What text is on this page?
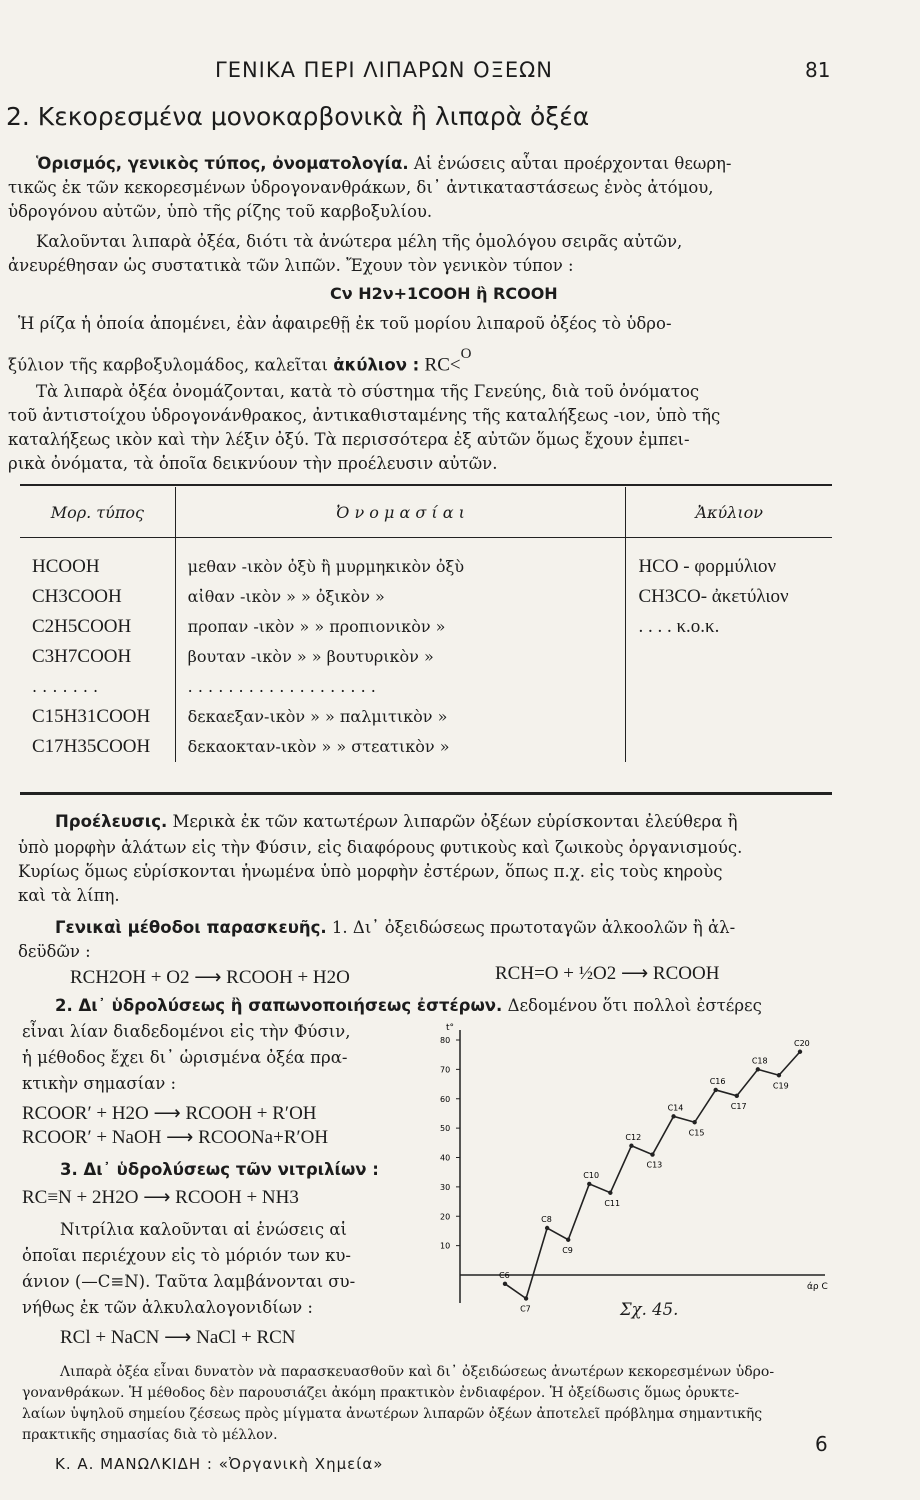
ΓΕΝΙΚΑ ΠΕΡΙ ΛΙΠΑΡΩΝ ΟΞΕΩΝ	81
2. Κεκορεσμένα μονοκαρβονικὰ ἢ λιπαρὰ ὀξέα
Ὁρισμός, γενικὸς τύπος, ὀνοματολογία. Αἱ ἑνώσεις αὗται προέρχονται θεωρη-
τικῶς ἐκ τῶν κεκορεσμένων ὑδρογονανθράκων, δι᾽ ἀντικαταστάσεως ἑνὸς ἀτόμου,
ὑδρογόνου αὐτῶν, ὑπὸ τῆς ρίζης τοῦ καρβοξυλίου.
Καλοῦνται λιπαρὰ ὀξέα, διότι τὰ ἀνώτερα μέλη τῆς ὁμολόγου σειρᾶς αὐτῶν,
ἀνευρέθησαν ὡς συστατικὰ τῶν λιπῶν. Ἔχουν τὸν γενικὸν τύπον :
Cν H2ν+1COOH ἢ RCOOH
Ἡ ρίζα ἡ ὁποία ἀπομένει, ἐὰν ἀφαιρεθῇ ἐκ τοῦ μορίου λιπαροῦ ὀξέος τὸ ὑδρο-
ξύλιον τῆς καρβοξυλομάδος, καλεῖται ἀκύλιον : RC<$^O$
Τὰ λιπαρὰ ὀξέα ὀνομάζονται, κατὰ τὸ σύστημα τῆς Γενεύης, διὰ τοῦ ὀνόματος
τοῦ ἀντιστοίχου ὑδρογονάνθρακος, ἀντικαθισταμένης τῆς καταλήξεως -ιον, ὑπὸ τῆς
καταλήξεως ικὸν καὶ τὴν λέξιν ὀξύ. Τὰ περισσότερα ἐξ αὐτῶν ὅμως ἔχουν ἐμπει-
ρικὰ ὀνόματα, τὰ ὁποῖα δεικνύουν τὴν προέλευσιν αὐτῶν.
Μορ. τύπος	Ὀ ν ο μ α σ ί α ι	Ἀκύλιον

HCOOH	μεθαν -ικὸν ὀξὺ ἢ μυρμηκικὸν ὀξὺ	HCO - φορμύλιον
CH3COOH	αἰθαν -ικὸν » » ὀξικὸν »	CH3CO- ἀκετύλιον
C2H5COOH	προπαν -ικὸν » » προπιονικὸν »	. . . . κ.ο.κ.
C3H7COOH	βουταν -ικὸν » » βουτυρικὸν »	
. . . . . . .	. . . . . . . . . . . . . . . . . . .	
C15H31COOH	δεκαεξαν-ικὸν » » παλμιτικὸν »	
C17H35COOH	δεκαοκταν-ικὸν » » στεατικὸν »	
Προέλευσις. Μερικὰ ἐκ τῶν κατωτέρων λιπαρῶν ὀξέων εὑρίσκονται ἐλεύθερα ἢ
ὑπὸ μορφὴν ἁλάτων εἰς τὴν Φύσιν, εἰς διαφόρους φυτικοὺς καὶ ζωικοὺς ὀργανισμούς.
Κυρίως ὅμως εὑρίσκονται ἡνωμένα ὑπὸ μορφὴν ἐστέρων, ὅπως π.χ. εἰς τοὺς κηροὺς
καὶ τὰ λίπη.
Γενικαὶ μέθοδοι παρασκευῆς. 1. Δι᾽ ὀξειδώσεως πρωτοταγῶν ἀλκοολῶν ἢ ἀλ-
δεϋδῶν :
RCH2OH + O2 ⟶ RCOOH + H2O	RCH=O + ½O2 ⟶ RCOOH
2. Δι᾽ ὑδρολύσεως ἢ σαπωνοποιήσεως ἐστέρων. Δεδομένου ὅτι πολλοὶ ἐστέρες
εἶναι λίαν διαδεδομένοι εἰς τὴν Φύσιν,
ἡ μέθοδος ἔχει δι᾽ ὡρισμένα ὀξέα πρα-
κτικὴν σημασίαν :
RCOOR′ + H2O ⟶ RCOOH + R′OH
RCOOR′ + NaOH ⟶ RCOONa+R′OH
3. Δι᾽ ὑδρολύσεως τῶν νιτριλίων :
RC≡N + 2H2O ⟶ RCOOH + NH3
Νιτρίλια καλοῦνται αἱ ἑνώσεις αἱ
ὁποῖαι περιέχουν εἰς τὸ μόριόν των κυ-
άνιον (—C≡N). Ταῦτα λαμβάνονται συ-
νήθως ἐκ τῶν ἀλκυλαλογονιδίων :
RCl + NaCN ⟶ NaCl + RCN
t°
άρ C
10
20
30
40
50
60
70
80
C6
C7
C8
C9
C10
C11
C12
C13
C14
C15
C16
C17
C18
C19
C20
Σχ. 45.
Λιπαρὰ ὀξέα εἶναι δυνατὸν νὰ παρασκευασθοῦν καὶ δι᾽ ὀξειδώσεως ἀνωτέρων κεκορεσμένων ὑδρο-
γονανθράκων. Ἡ μέθοδος δὲν παρουσιάζει ἀκόμη πρακτικὸν ἐνδιαφέρον. Ἡ ὀξείδωσις ὅμως ὀρυκτε-
λαίων ὑψηλοῦ σημείου ζέσεως πρὸς μίγματα ἀνωτέρων λιπαρῶν ὀξέων ἀποτελεῖ πρόβλημα σημαντικῆς
πρακτικῆς σημασίας διὰ τὸ μέλλον.
Κ. Α. ΜΑΝΩΛΚΙΔΗ : «Ὀργανικὴ Χημεία»
6
